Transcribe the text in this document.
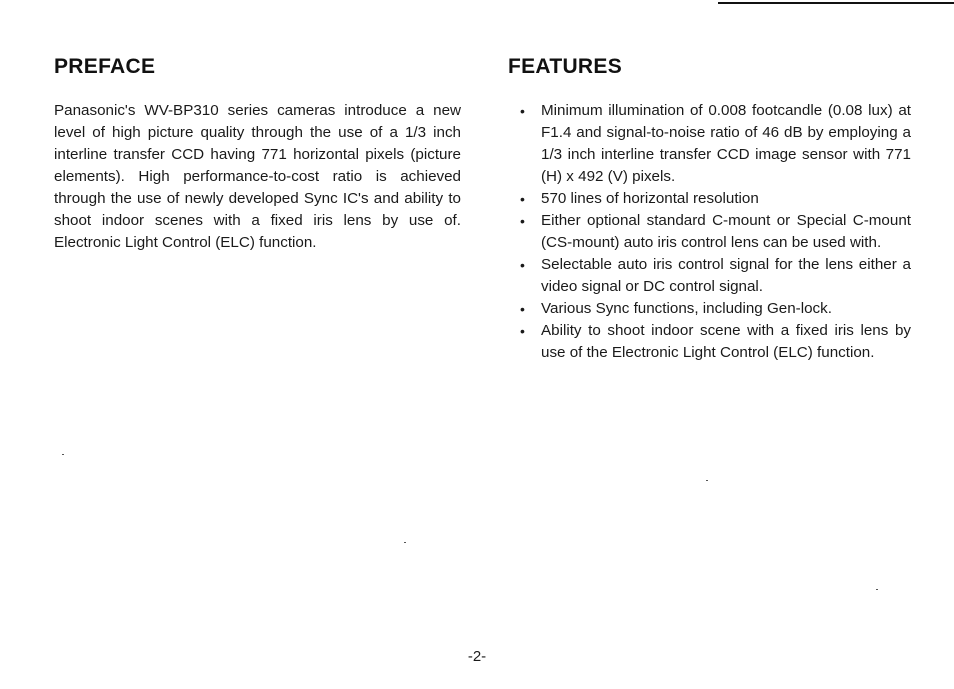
PREFACE

Panasonic's WV-BP310 series cameras introduce a new level of high picture quality through the use of a 1/3 inch interline transfer CCD having 771 horizontal pixels (picture elements). High performance-to-cost ratio is achieved through the use of newly developed Sync IC's and ability to shoot indoor scenes with a fixed iris lens by use of. Electronic Light Control (ELC) function.

FEATURES
•	Minimum illumination of 0.008 footcandle (0.08 lux) at F1.4 and signal-to-noise ratio of 46 dB by employing a 1/3 inch interline transfer CCD image sensor with 771 (H) x 492 (V) pixels.
•	570 lines of horizontal resolution
•	Either optional standard C-mount or Special C-mount (CS-mount) auto iris control lens can be used with.
•	Selectable auto iris control signal for the lens either a video signal or DC control signal.
•	Various Sync functions, including Gen-lock.
•	Ability to shoot indoor scene with a fixed iris lens by use of the Electronic Light Control (ELC) function.
-2-
